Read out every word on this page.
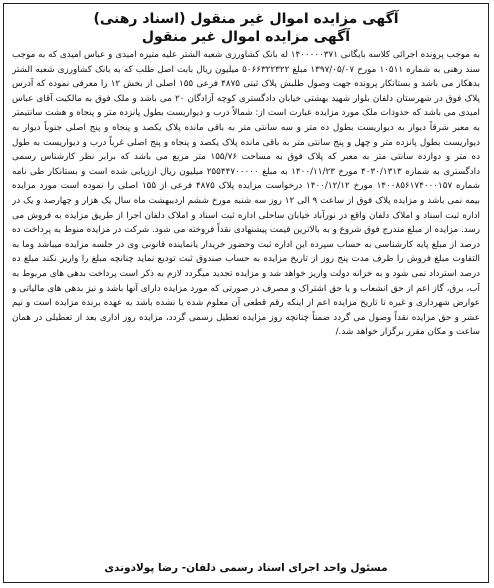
آگهی مزایده اموال غیر منقول (اسناد رهنی)
آگهی مزایده اموال غیر منقول

به موجب پرونده اجرائی کلاسه بایگانی ۱۴۰۰۰۰۰۳۷۱ له بانک کشاورزی شعبه الشتر علیه متیزه امیدی و عباس امیدی که به موجب سند رهنی به شماره ۱۰۵۱۱ مورخ ۱۳۹۷/۰۵/۰۷ مبلغ ۵۰۶۶۳۲۲۳۲۲ میلیون ریال بابت اصل طلب که به بانک کشاورزی شعبه الشتر بدهکار می باشد و بستانکار پرونده جهت وصول طلبش پلاک ثبتی ۴۸۷۵ فرعی ۱۵۵ اصلی از بخش ۱۲ را معرفی نموده که آدرس پلاک فوق در شهرستان دلفان بلوار شهید بهشتی خیابان دادگستری کوچه آزادگان ۲۰ می باشد و ملک فوق به مالکیت آقای عباس امیدی می باشد که حدودات ملک مورد مزایده عبارت است از: شمالاً درب و دیواریست بطول پانزده متر و پنجاه و هشت سانتیمتر به معبر شرقاً دیوار به دیواریست بطول ده متر و سه سانتی متر به باقی مانده پلاک یکصد و پنجاه و پنج اصلی جنوباً دیوار به دیواریست بطول پانزده متر و چهل و پنج سانتی متر به باقی مانده پلاک یکصد و پنجاه و پنج اصلی غرباً درب و دیواریست به طول ده متر و دوازده سانتی متر به معبر که پلاک فوق به مساحت ۱۵۵/۷۶ متر مربع می باشد که برابر نظر کارشناس رسمی دادگستری به شماره ۴۰۳۰/۱۳۱۳ مورخ ۱۴۰۰/۱۱/۲۳ به مبلغ ۲۵۵۴۴۷۰۰۰۰۰ میلیون ریال ارزیابی شده است و بستانکار طی نامه شماره ۱۴۰۰۸۵۶۱۷۴۰۰۰۱۵۷ مورخ ۱۴۰۰/۱۲/۱۲ درخواست مزایده پلاک ۴۸۷۵ فرعی از ۱۵۵ اصلی را نموده است مورد مزایده بیمه نمی باشد و مزایده پلاک فوق از ساعت ۹ الی ۱۲ روز سه شنبه مورخ ششم اردیبهشت ماه سال یک هزار و چهارصد و یک در اداره ثبت اسناد و املاک دلفان واقع در نورآباد خیابان ساحلی اداره ثبت اسناد و املاک دلفان اجرا از طریق مزایده به فروش می رسد. مزایده از مبلغ مندرج فوق شروع و به بالاترین قیمت پیشنهادی نقداً فروخته می شود. شرکت در مزایده منوط به پرداخت ده درصد از مبلغ پایه کارشناسی به حساب سپرده این اداره ثبت وحضور خریدار یانماینده قانونی وی در جلسه مزایده میباشد وما به التفاوت مبلغ فروش را ظرف مدت پنج روز از تاریخ مزایده به حساب صندوق ثبت تودیع نماید چنانچه مبلغ را واریز نکند مبلغ ده درصد استرداد نمی شود و به خزانه دولت واریز خواهد شد و مزایده تجدید میگردد لازم به ذکر است پرداخت بدهی های مربوط به آب، برق، گاز اعم از حق انشعاب و یا حق اشتراک و مصرف در صورتی که مورد مزایده دارای آنها باشد و نیز بدهی های مالیاتی و عوارض شهرداری و غیره تا تاریخ مزایده اعم از اینکه رقم قطعی آن معلوم شده یا نشده باشد به عهده برنده مزایده است و نیم عشر و حق مزایده نقداً وصول می گردد ضمناً چنانچه روز مزایده تعطیل رسمی گردد، مزایده روز اداری بعد از تعطیلی در همان ساعت و مکان مقرر برگزار خواهد شد./

مسئول واحد اجرای اسناد رسمی دلفان- رضا پولادوندی
